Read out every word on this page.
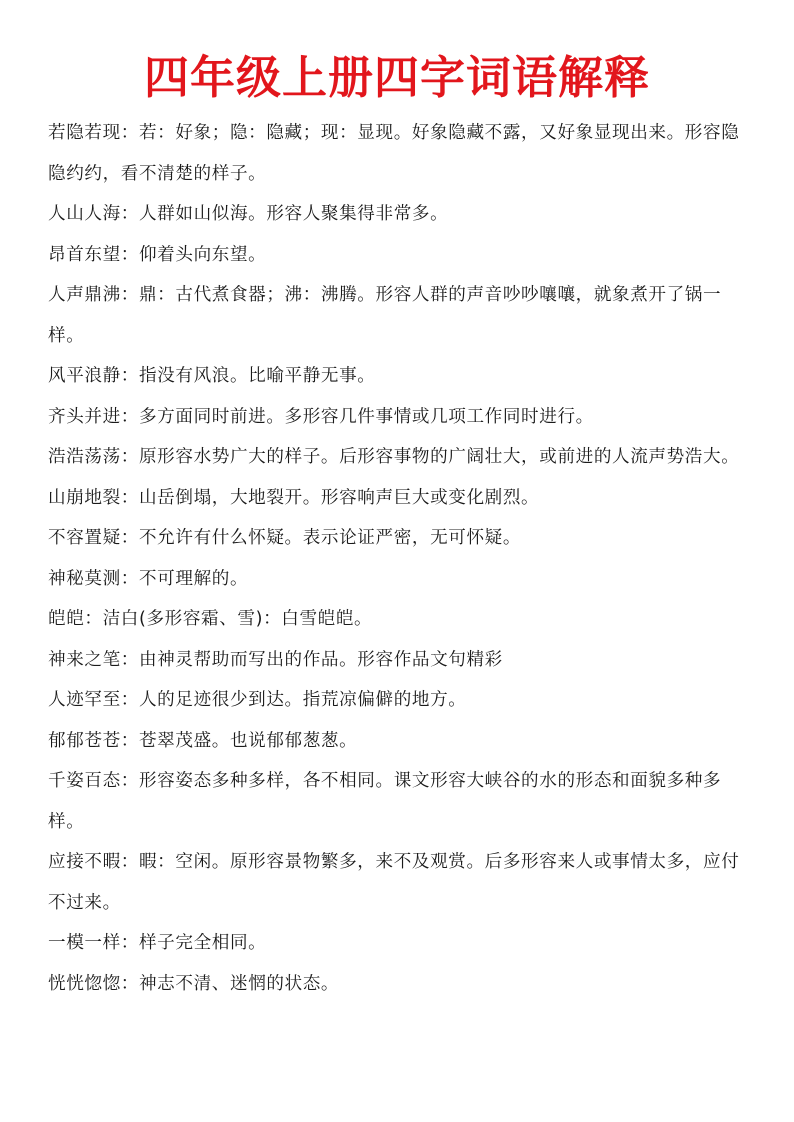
四年级上册四字词语解释
若隐若现：若：好象；隐：隐藏；现：显现。好象隐藏不露，又好象显现出来。形容隐隐约约，看不清楚的样子。
人山人海：人群如山似海。形容人聚集得非常多。
昂首东望：仰着头向东望。
人声鼎沸：鼎：古代煮食器；沸：沸腾。形容人群的声音吵吵嚷嚷，就象煮开了锅一样。
风平浪静：指没有风浪。比喻平静无事。
齐头并进：多方面同时前进。多形容几件事情或几项工作同时进行。
浩浩荡荡：原形容水势广大的样子。后形容事物的广阔壮大，或前进的人流声势浩大。
山崩地裂：山岳倒塌，大地裂开。形容响声巨大或变化剧烈。
不容置疑：不允许有什么怀疑。表示论证严密，无可怀疑。
神秘莫测：不可理解的。
皑皑：洁白(多形容霜、雪)：白雪皑皑。
神来之笔：由神灵帮助而写出的作品。形容作品文句精彩
人迹罕至：人的足迹很少到达。指荒凉偏僻的地方。
郁郁苍苍：苍翠茂盛。也说郁郁葱葱。
千姿百态：形容姿态多种多样，各不相同。课文形容大峡谷的水的形态和面貌多种多样。
应接不暇：暇：空闲。原形容景物繁多，来不及观赏。后多形容来人或事情太多，应付不过来。
一模一样：样子完全相同。
恍恍惚惚：神志不清、迷惘的状态。
